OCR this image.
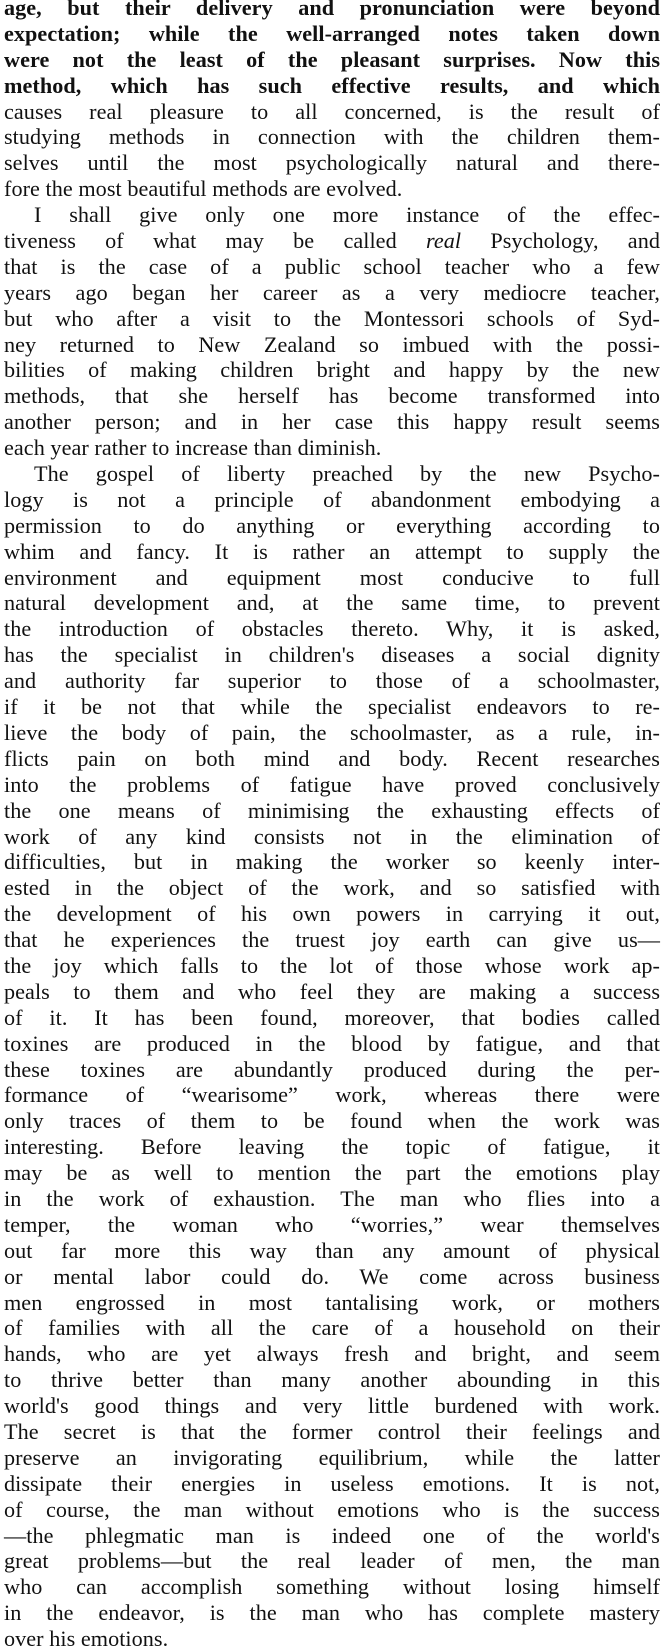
age, but their delivery and pronunciation were beyond
expectation; while the well-arranged notes taken down
were not the least of the pleasant surprises. Now this
method, which has such effective results, and which
causes real pleasure to all concerned, is the result of
studying methods in connection with the children them-
selves until the most psychologically natural and there-
fore the most beautiful methods are evolved.
I shall give only one more instance of the effec-
tiveness of what may be called real Psychology, and
that is the case of a public school teacher who a few
years ago began her career as a very mediocre teacher,
but who after a visit to the Montessori schools of Syd-
ney returned to New Zealand so imbued with the possi-
bilities of making children bright and happy by the new
methods, that she herself has become transformed into
another person; and in her case this happy result seems
each year rather to increase than diminish.
The gospel of liberty preached by the new Psycho-
logy is not a principle of abandonment embodying a
permission to do anything or everything according to
whim and fancy. It is rather an attempt to supply the
environment and equipment most conducive to full
natural development and, at the same time, to prevent
the introduction of obstacles thereto. Why, it is asked,
has the specialist in children's diseases a social dignity
and authority far superior to those of a schoolmaster,
if it be not that while the specialist endeavors to re-
lieve the body of pain, the schoolmaster, as a rule, in-
flicts pain on both mind and body. Recent researches
into the problems of fatigue have proved conclusively
the one means of minimising the exhausting effects of
work of any kind consists not in the elimination of
difficulties, but in making the worker so keenly inter-
ested in the object of the work, and so satisfied with
the development of his own powers in carrying it out,
that he experiences the truest joy earth can give us—
the joy which falls to the lot of those whose work ap-
peals to them and who feel they are making a success
of it. It has been found, moreover, that bodies called
toxines are produced in the blood by fatigue, and that
these toxines are abundantly produced during the per-
formance of “wearisome” work, whereas there were
only traces of them to be found when the work was
interesting. Before leaving the topic of fatigue, it
may be as well to mention the part the emotions play
in the work of exhaustion. The man who flies into a
temper, the woman who “worries,” wear themselves
out far more this way than any amount of physical
or mental labor could do. We come across business
men engrossed in most tantalising work, or mothers
of families with all the care of a household on their
hands, who are yet always fresh and bright, and seem
to thrive better than many another abounding in this
world's good things and very little burdened with work.
The secret is that the former control their feelings and
preserve an invigorating equilibrium, while the latter
dissipate their energies in useless emotions. It is not,
of course, the man without emotions who is the success
—the phlegmatic man is indeed one of the world's
great problems—but the real leader of men, the man
who can accomplish something without losing himself
in the endeavor, is the man who has complete mastery
over his emotions.
